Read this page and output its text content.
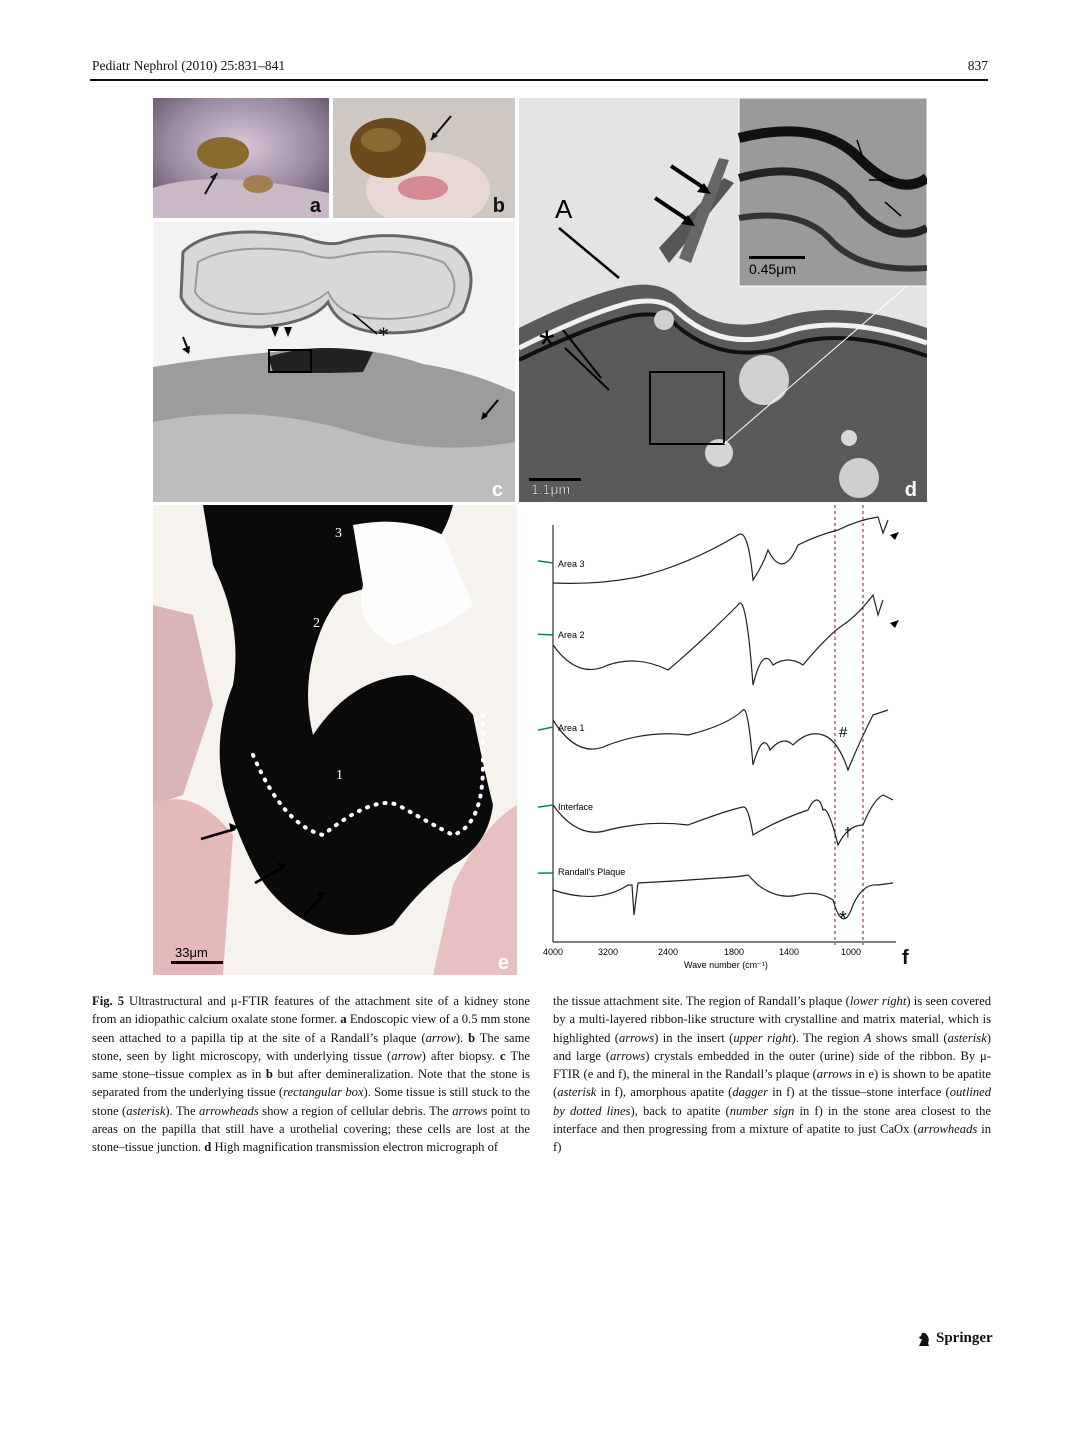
Pediatr Nephrol (2010) 25:831–841	837
a	b
*
c
A
*
0.45μm
1.1μm	d
3
2
1
33μm	e
Area 3
Area 2
Area 1
Interface
Randall's Plaque
#
†
*
4000	3200	2400	1800	1400	1000
Wave number (cm⁻¹)	f

Fig. 5 Ultrastructural and μ-FTIR features of the attachment site of a kidney stone from an idiopathic calcium oxalate stone former. a Endoscopic view of a 0.5 mm stone seen attached to a papilla tip at the site of a Randall’s plaque (arrow). b The same stone, seen by light microscopy, with underlying tissue (arrow) after biopsy. c The same stone–tissue complex as in b but after demineralization. Note that the stone is separated from the underlying tissue (rectangular box). Some tissue is still stuck to the stone (asterisk). The arrowheads show a region of cellular debris. The arrows point to areas on the papilla that still have a urothelial covering; these cells are lost at the stone–tissue junction. d High magnification transmission electron micrograph of

the tissue attachment site. The region of Randall’s plaque (lower right) is seen covered by a multi-layered ribbon-like structure with crystalline and matrix material, which is highlighted (arrows) in the insert (upper right). The region A shows small (asterisk) and large (arrows) crystals embedded in the outer (urine) side of the ribbon. By μ-FTIR (e and f), the mineral in the Randall’s plaque (arrows in e) is shown to be apatite (asterisk in f), amorphous apatite (dagger in f) at the tissue–stone interface (outlined by dotted lines), back to apatite (number sign in f) in the stone area closest to the interface and then progressing from a mixture of apatite to just CaOx (arrowheads in f)

Springer
